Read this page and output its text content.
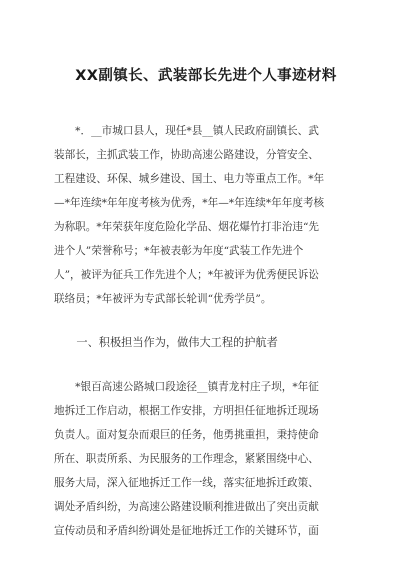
XX副镇长、武装部长先进个人事迹材料
　　*．__市城口县人，现任*县__镇人民政府副镇长、武
装部长，主抓武装工作，协助高速公路建设，分管安全、
工程建设、环保、城乡建设、国土、电力等重点工作。*年
—*年连续*年年度考核为优秀，*年—*年连续*年年度考核
为称职。*年荣获年度危险化学品、烟花爆竹打非治违“先
进个人”荣誉称号；*年被表彰为年度“武装工作先进个
人”，被评为征兵工作先进个人；*年被评为优秀便民诉讼
联络员；*年被评为专武部长轮训“优秀学员”。
　　一、积极担当作为，做伟大工程的护航者
　　*银百高速公路城口段途径__镇青龙村庄子坝，*年征
地拆迁工作启动，根据工作安排，方明担任征地拆迁现场
负责人。面对复杂而艰巨的任务，他勇挑重担，秉持使命
所在、职责所系、为民服务的工作理念，紧紧围绕中心、
服务大局，深入征地拆迁工作一线，落实征地拆迁政策、
调处矛盾纠纷，为高速公路建设顺利推进做出了突出贡献
宣传动员和矛盾纠纷调处是征地拆迁工作的关键环节，面
